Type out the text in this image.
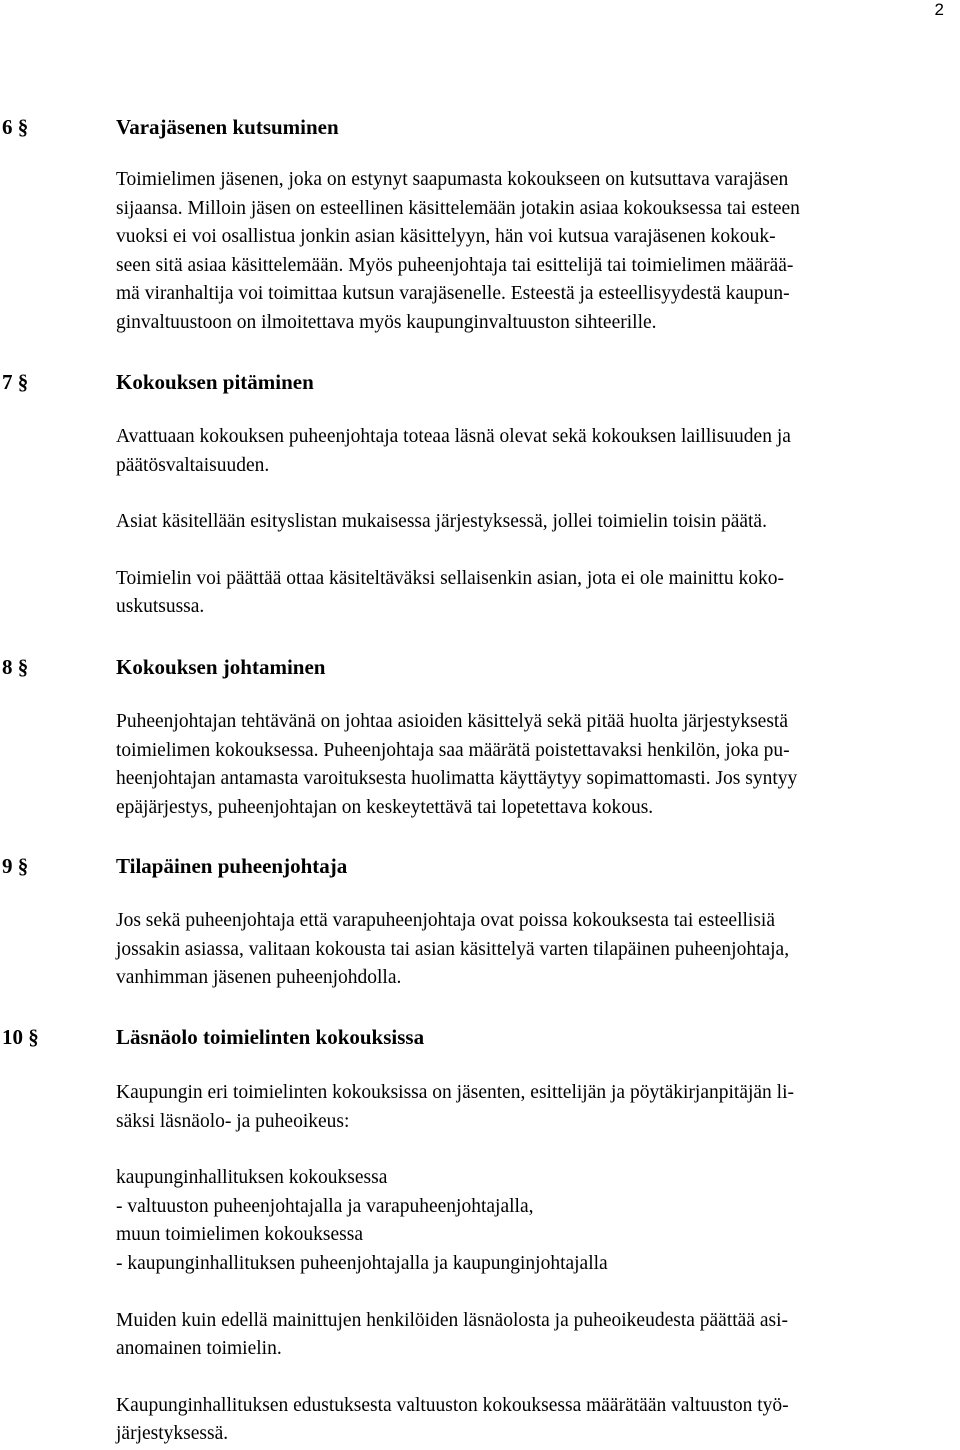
2
6 §	Varajäsenen kutsuminen

Toimielimen jäsenen, joka on estynyt saapumasta kokoukseen on kutsuttava varajäsen
sijaansa. Milloin jäsen on esteellinen käsittelemään jotakin asiaa kokouksessa tai esteen
vuoksi ei voi osallistua jonkin asian käsittelyyn, hän voi kutsua varajäsenen kokouk-
seen sitä asiaa käsittelemään. Myös puheenjohtaja tai esittelijä tai toimielimen määrää-
mä viranhaltija voi toimittaa kutsun varajäsenelle. Esteestä ja esteellisyydestä kaupun-
ginvaltuustoon on ilmoitettava myös kaupunginvaltuuston sihteerille.

7 §	Kokouksen pitäminen

Avattuaan kokouksen puheenjohtaja toteaa läsnä olevat sekä kokouksen laillisuuden ja
päätösvaltaisuuden.

Asiat käsitellään esityslistan mukaisessa järjestyksessä, jollei toimielin toisin päätä.

Toimielin voi päättää ottaa käsiteltäväksi sellaisenkin asian, jota ei ole mainittu koko-
uskutsussa.

8 §	Kokouksen johtaminen

Puheenjohtajan tehtävänä on johtaa asioiden käsittelyä sekä pitää huolta järjestyksestä
toimielimen kokouksessa. Puheenjohtaja saa määrätä poistettavaksi henkilön, joka pu-
heenjohtajan antamasta varoituksesta huolimatta käyttäytyy sopimattomasti. Jos syntyy
epäjärjestys, puheenjohtajan on keskeytettävä tai lopetettava kokous.

9 §	Tilapäinen puheenjohtaja

Jos sekä puheenjohtaja että varapuheenjohtaja ovat poissa kokouksesta tai esteellisiä
jossakin asiassa, valitaan kokousta tai asian käsittelyä varten tilapäinen puheenjohtaja,
vanhimman jäsenen puheenjohdolla.

10 §	Läsnäolo toimielinten kokouksissa

Kaupungin eri toimielinten kokouksissa on jäsenten, esittelijän ja pöytäkirjanpitäjän li-
säksi läsnäolo- ja puheoikeus:

kaupunginhallituksen kokouksessa
- valtuuston puheenjohtajalla ja varapuheenjohtajalla,
muun toimielimen kokouksessa
- kaupunginhallituksen puheenjohtajalla ja kaupunginjohtajalla

Muiden kuin edellä mainittujen henkilöiden läsnäolosta ja puheoikeudesta päättää asi-
anomainen toimielin.

Kaupunginhallituksen edustuksesta valtuuston kokouksessa määrätään valtuuston työ-
järjestyksessä.
